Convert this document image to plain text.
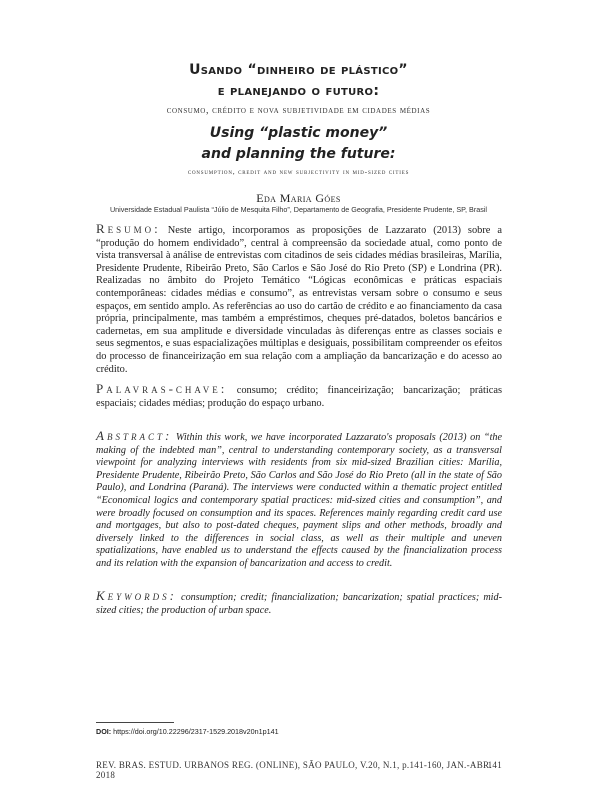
Usando “dinheiro de plástico”
e planejando o futuro:
consumo, crédito e nova subjetividade em cidades médias
Using “plastic money”
and planning the future:
consumption, credit and new subjectivity in mid-sized cities
Eda Maria Góes
Universidade Estadual Paulista “Júlio de Mesquita Filho”, Departamento de Geografia, Presidente Prudente, SP, Brasil
Resumo: Neste artigo, incorporamos as proposições de Lazzarato (2013) sobre a “produção do homem endividado”, central à compreensão da sociedade atual, como ponto de vista transversal à análise de entrevistas com citadinos de seis cidades médias brasileiras, Marília, Presidente Prudente, Ribeirão Preto, São Carlos e São José do Rio Preto (SP) e Londrina (PR). Realizadas no âmbito do Projeto Temático “Lógicas econômicas e práticas espaciais contemporâneas: cidades médias e consumo”, as entrevistas versam sobre o consumo e seus espaços, em sentido amplo. As referências ao uso do cartão de crédito e ao financiamento da casa própria, principalmente, mas também a empréstimos, cheques pré-datados, boletos bancários e cadernetas, em sua amplitude e diversidade vinculadas às diferenças entre as classes sociais e seus segmentos, e suas espacializações múltiplas e desiguais, possibilitam compreender os efeitos do processo de financeirização em sua relação com a ampliação da bancarização e do acesso ao crédito.
Palavras-chave: consumo; crédito; financeirização; bancarização; práticas espaciais; cidades médias; produção do espaço urbano.
Abstract: Within this work, we have incorporated Lazzarato's proposals (2013) on “the making of the indebted man”, central to understanding contemporary society, as a transversal viewpoint for analyzing interviews with residents from six mid-sized Brazilian cities: Marília, Presidente Prudente, Ribeirão Preto, São Carlos and São José do Rio Preto (all in the state of São Paulo), and Londrina (Paraná). The interviews were conducted within a thematic project entitled “Economical logics and contemporary spatial practices: mid-sized cities and consumption”, and were broadly focused on consumption and its spaces. References mainly regarding credit card use and mortgages, but also to post-dated cheques, payment slips and other methods, broadly and diversely linked to the differences in social class, as well as their multiple and uneven spatializations, have enabled us to understand the effects caused by the financialization process and its relation with the expansion of bancarization and access to credit.
Keywords: consumption; credit; financialization; bancarization; spatial practices; mid-sized cities; the production of urban space.
DOI: https://doi.org/10.22296/2317-1529.2018v20n1p141
REV. BRAS. ESTUD. URBANOS REG. (ONLINE), SÃO PAULO, V.20, N.1, p.141-160, JAN.-ABR. 2018
141
